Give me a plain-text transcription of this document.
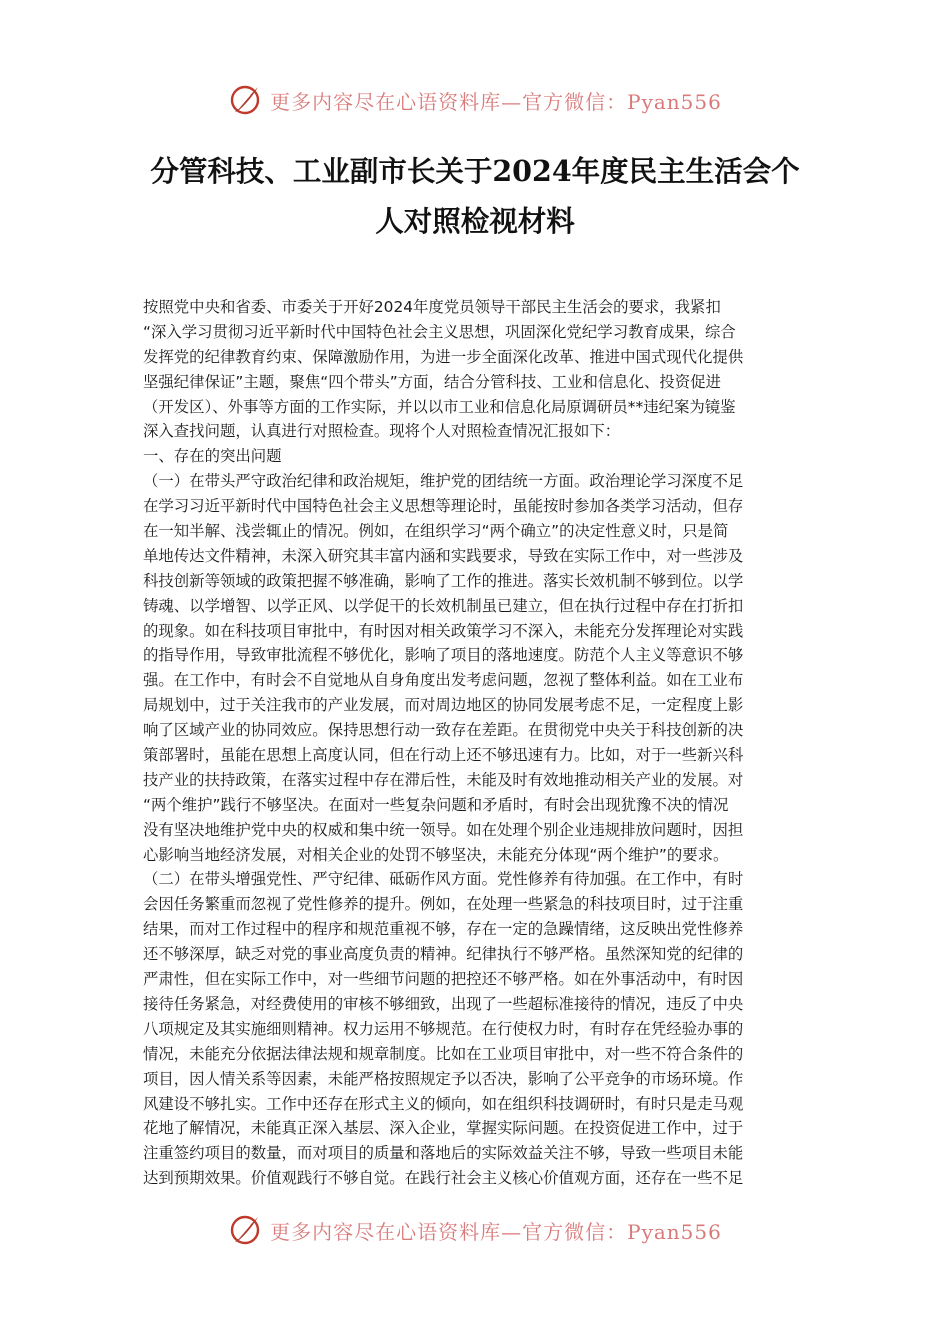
更多内容尽在心语资料库—官方微信：Pyan556
分管科技、工业副市长关于2024年度民主生活会个
人对照检视材料
按照党中央和省委、市委关于开好2024年度党员领导干部民主生活会的要求，我紧扣
“深入学习贯彻习近平新时代中国特色社会主义思想，巩固深化党纪学习教育成果，综合
发挥党的纪律教育约束、保障激励作用，为进一步全面深化改革、推进中国式现代化提供
坚强纪律保证”主题，聚焦“四个带头”方面，结合分管科技、工业和信息化、投资促进
（开发区）、外事等方面的工作实际，并以以市工业和信息化局原调研员**违纪案为镜鉴
深入查找问题，认真进行对照检查。现将个人对照检查情况汇报如下：
一、存在的突出问题
（一）在带头严守政治纪律和政治规矩，维护党的团结统一方面。政治理论学习深度不足
在学习习近平新时代中国特色社会主义思想等理论时，虽能按时参加各类学习活动，但存
在一知半解、浅尝辄止的情况。例如，在组织学习“两个确立”的决定性意义时，只是简
单地传达文件精神，未深入研究其丰富内涵和实践要求，导致在实际工作中，对一些涉及
科技创新等领域的政策把握不够准确，影响了工作的推进。落实长效机制不够到位。以学
铸魂、以学增智、以学正风、以学促干的长效机制虽已建立，但在执行过程中存在打折扣
的现象。如在科技项目审批中，有时因对相关政策学习不深入，未能充分发挥理论对实践
的指导作用，导致审批流程不够优化，影响了项目的落地速度。防范个人主义等意识不够
强。在工作中，有时会不自觉地从自身角度出发考虑问题，忽视了整体利益。如在工业布
局规划中，过于关注我市的产业发展，而对周边地区的协同发展考虑不足，一定程度上影
响了区域产业的协同效应。保持思想行动一致存在差距。在贯彻党中央关于科技创新的决
策部署时，虽能在思想上高度认同，但在行动上还不够迅速有力。比如，对于一些新兴科
技产业的扶持政策，在落实过程中存在滞后性，未能及时有效地推动相关产业的发展。对
“两个维护”践行不够坚决。在面对一些复杂问题和矛盾时，有时会出现犹豫不决的情况
没有坚决地维护党中央的权威和集中统一领导。如在处理个别企业违规排放问题时，因担
心影响当地经济发展，对相关企业的处罚不够坚决，未能充分体现“两个维护”的要求。
（二）在带头增强党性、严守纪律、砥砺作风方面。党性修养有待加强。在工作中，有时
会因任务繁重而忽视了党性修养的提升。例如，在处理一些紧急的科技项目时，过于注重
结果，而对工作过程中的程序和规范重视不够，存在一定的急躁情绪，这反映出党性修养
还不够深厚，缺乏对党的事业高度负责的精神。纪律执行不够严格。虽然深知党的纪律的
严肃性，但在实际工作中，对一些细节问题的把控还不够严格。如在外事活动中，有时因
接待任务紧急，对经费使用的审核不够细致，出现了一些超标准接待的情况，违反了中央
八项规定及其实施细则精神。权力运用不够规范。在行使权力时，有时存在凭经验办事的
情况，未能充分依据法律法规和规章制度。比如在工业项目审批中，对一些不符合条件的
项目，因人情关系等因素，未能严格按照规定予以否决，影响了公平竞争的市场环境。作
风建设不够扎实。工作中还存在形式主义的倾向，如在组织科技调研时，有时只是走马观
花地了解情况，未能真正深入基层、深入企业，掌握实际问题。在投资促进工作中，过于
注重签约项目的数量，而对项目的质量和落地后的实际效益关注不够，导致一些项目未能
达到预期效果。价值观践行不够自觉。在践行社会主义核心价值观方面，还存在一些不足
更多内容尽在心语资料库—官方微信：Pyan556
